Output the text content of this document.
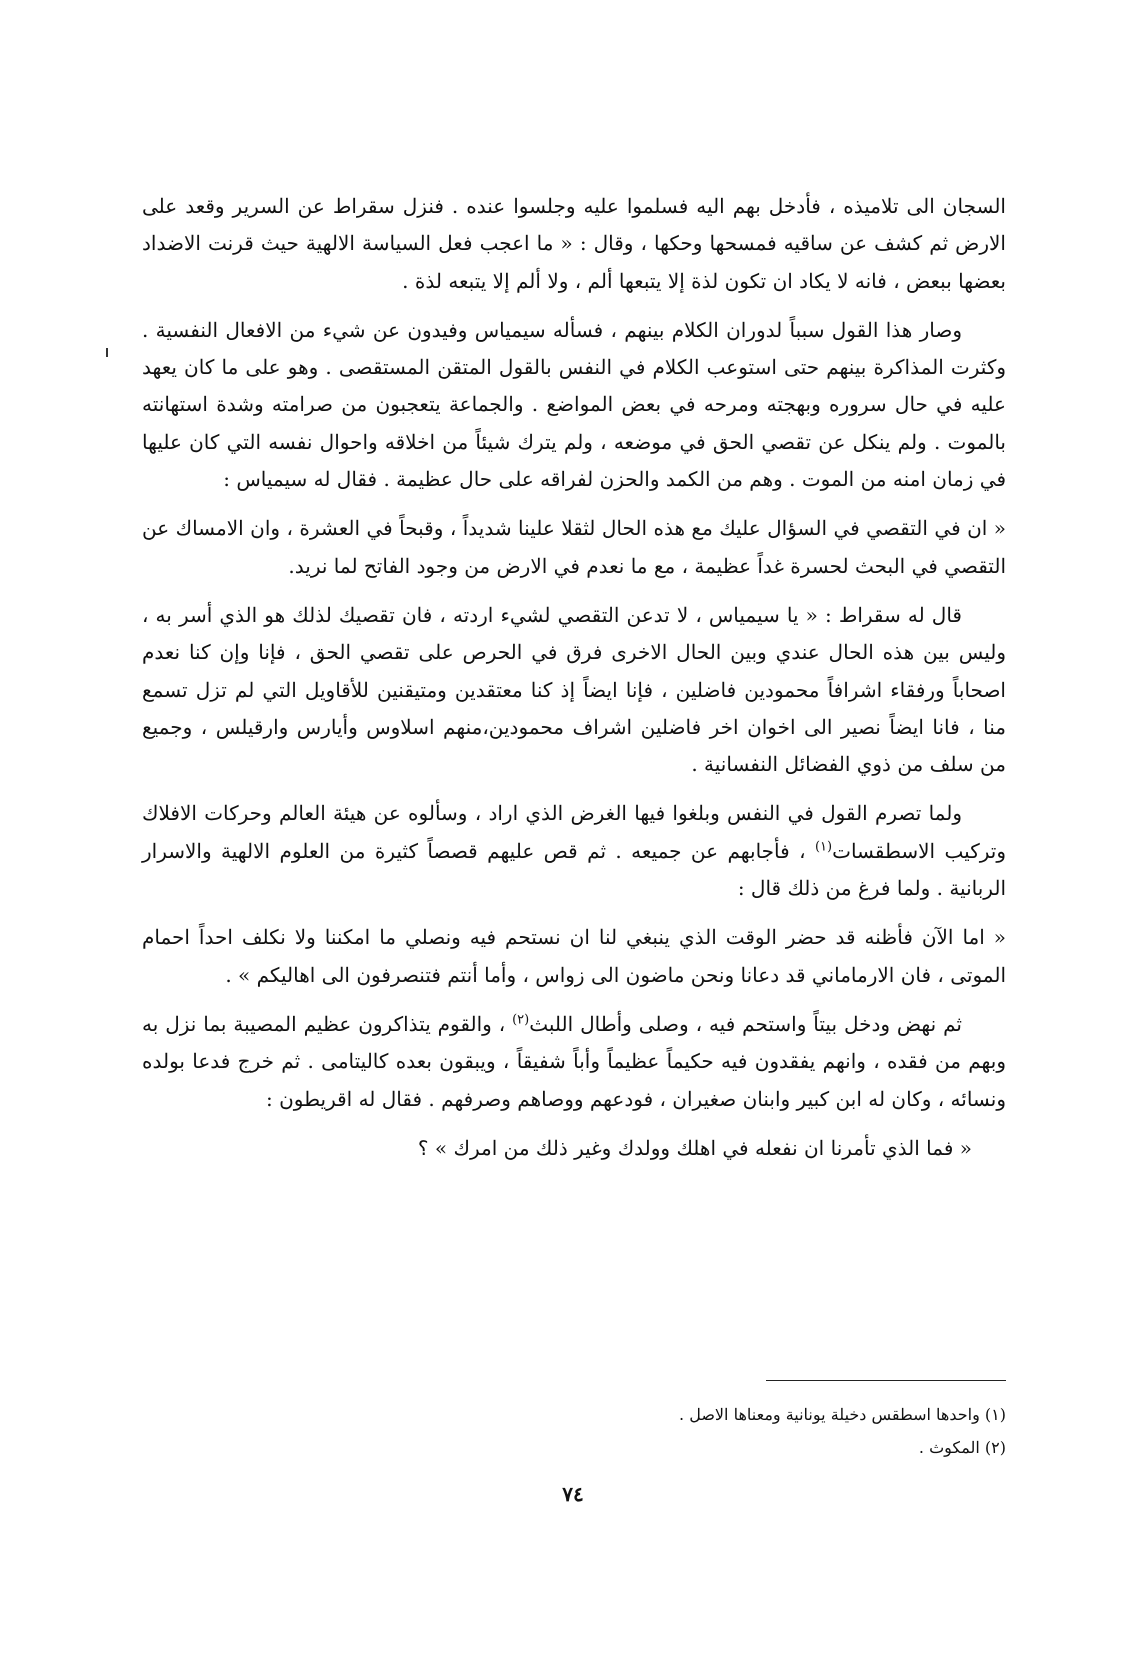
السجان الى تلاميذه ، فأدخل بهم اليه فسلموا عليه وجلسوا عنده . فنزل سقراط عن السرير وقعد على الارض ثم كشف عن ساقيه فمسحها وحكها ، وقال : « ما اعجب فعل السياسة الالهية حيث قرنت الاضداد بعضها ببعض ، فانه لا يكاد ان تكون لذة إلا يتبعها ألم ، ولا ألم إلا يتبعه لذة .

وصار هذا القول سبباً لدوران الكلام بينهم ، فسأله سيمياس وفيدون عن شيء من الافعال النفسية . وكثرت المذاكرة بينهم حتى استوعب الكلام في النفس بالقول المتقن المستقصى . وهو على ما كان يعهد عليه في حال سروره وبهجته ومرحه في بعض المواضع . والجماعة يتعجبون من صرامته وشدة استهانته بالموت . ولم ينكل عن تقصي الحق في موضعه ، ولم يترك شيئاً من اخلاقه واحوال نفسه التي كان عليها في زمان امنه من الموت . وهم من الكمد والحزن لفراقه على حال عظيمة . فقال له سيمياس :

« ان في التقصي في السؤال عليك مع هذه الحال لثقلا علينا شديداً ، وقبحاً في العشرة ، وان الامساك عن التقصي في البحث لحسرة غداً عظيمة ، مع ما نعدم في الارض من وجود الفاتح لما نريد.

قال له سقراط : « يا سيمياس ، لا تدعن التقصي لشيء اردته ، فان تقصيك لذلك هو الذي أسر به ، وليس بين هذه الحال عندي وبين الحال الاخرى فرق في الحرص على تقصي الحق ، فإنا وإن كنا نعدم اصحاباً ورفقاء اشرافاً محمودين فاضلين ، فإنا ايضاً إذ كنا معتقدين ومتيقنين للأقاويل التي لم تزل تسمع منا ، فانا ايضاً نصير الى اخوان اخر فاضلين اشراف محمودين،منهم اسلاوس وأيارس وارقيلس ، وجميع من سلف من ذوي الفضائل النفسانية .

ولما تصرم القول في النفس وبلغوا فيها الغرض الذي اراد ، وسألوه عن هيئة العالم وحركات الافلاك وتركيب الاسطقسات$^{(١)}$ ، فأجابهم عن جميعه . ثم قص عليهم قصصاً كثيرة من العلوم الالهية والاسرار الربانية . ولما فرغ من ذلك قال :

« اما الآن فأظنه قد حضر الوقت الذي ينبغي لنا ان نستحم فيه ونصلي ما امكننا ولا نكلف احداً احمام الموتى ، فان الارماماني قد دعانا ونحن ماضون الى زواس ، وأما أنتم فتنصرفون الى اهاليكم » .

ثم نهض ودخل بيتاً واستحم فيه ، وصلى وأطال اللبث$^{(٢)}$ ، والقوم يتذاكرون عظيم المصيبة بما نزل به وبهم من فقده ، وانهم يفقدون فيه حكيماً عظيماً وأباً شفيقاً ، ويبقون بعده كاليتامى . ثم خرج فدعا بولده ونسائه ، وكان له ابن كبير وابنان صغيران ، فودعهم ووصاهم وصرفهم . فقال له اقريطون :

« فما الذي تأمرنا ان نفعله في اهلك وولدك وغير ذلك من امرك » ؟

(١) واحدها اسطقس دخيلة يونانية ومعناها الاصل .

(٢) المكوث .

٧٤
